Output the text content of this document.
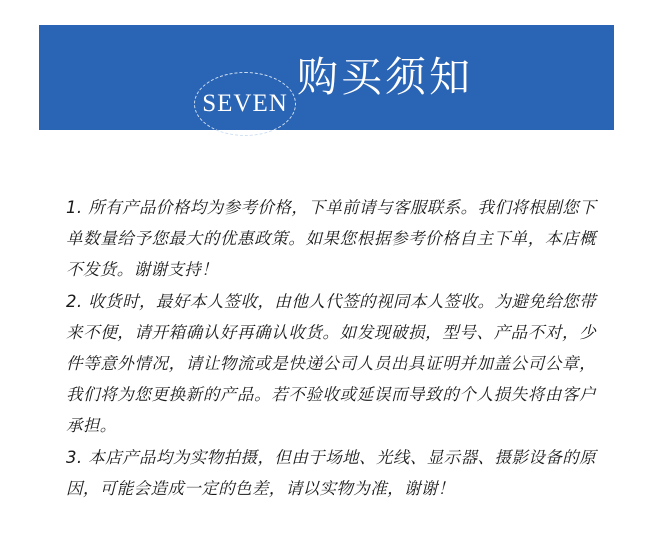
SEVEN
购买须知

1. 所有产品价格均为参考价格，下单前请与客服联系。我们将根剧您下单数量给予您最大的优惠政策。如果您根据参考价格自主下单，本店概不发货。谢谢支持！

2. 收货时，最好本人签收，由他人代签的视同本人签收。为避免给您带来不便，请开箱确认好再确认收货。如发现破损，型号、产品不对，少件等意外情况，请让物流或是快递公司人员出具证明并加盖公司公章，我们将为您更换新的产品。若不验收或延误而导致的个人损失将由客户承担。

3. 本店产品均为实物拍摄，但由于场地、光线、显示器、摄影设备的原因，可能会造成一定的色差，请以实物为准，谢谢！
